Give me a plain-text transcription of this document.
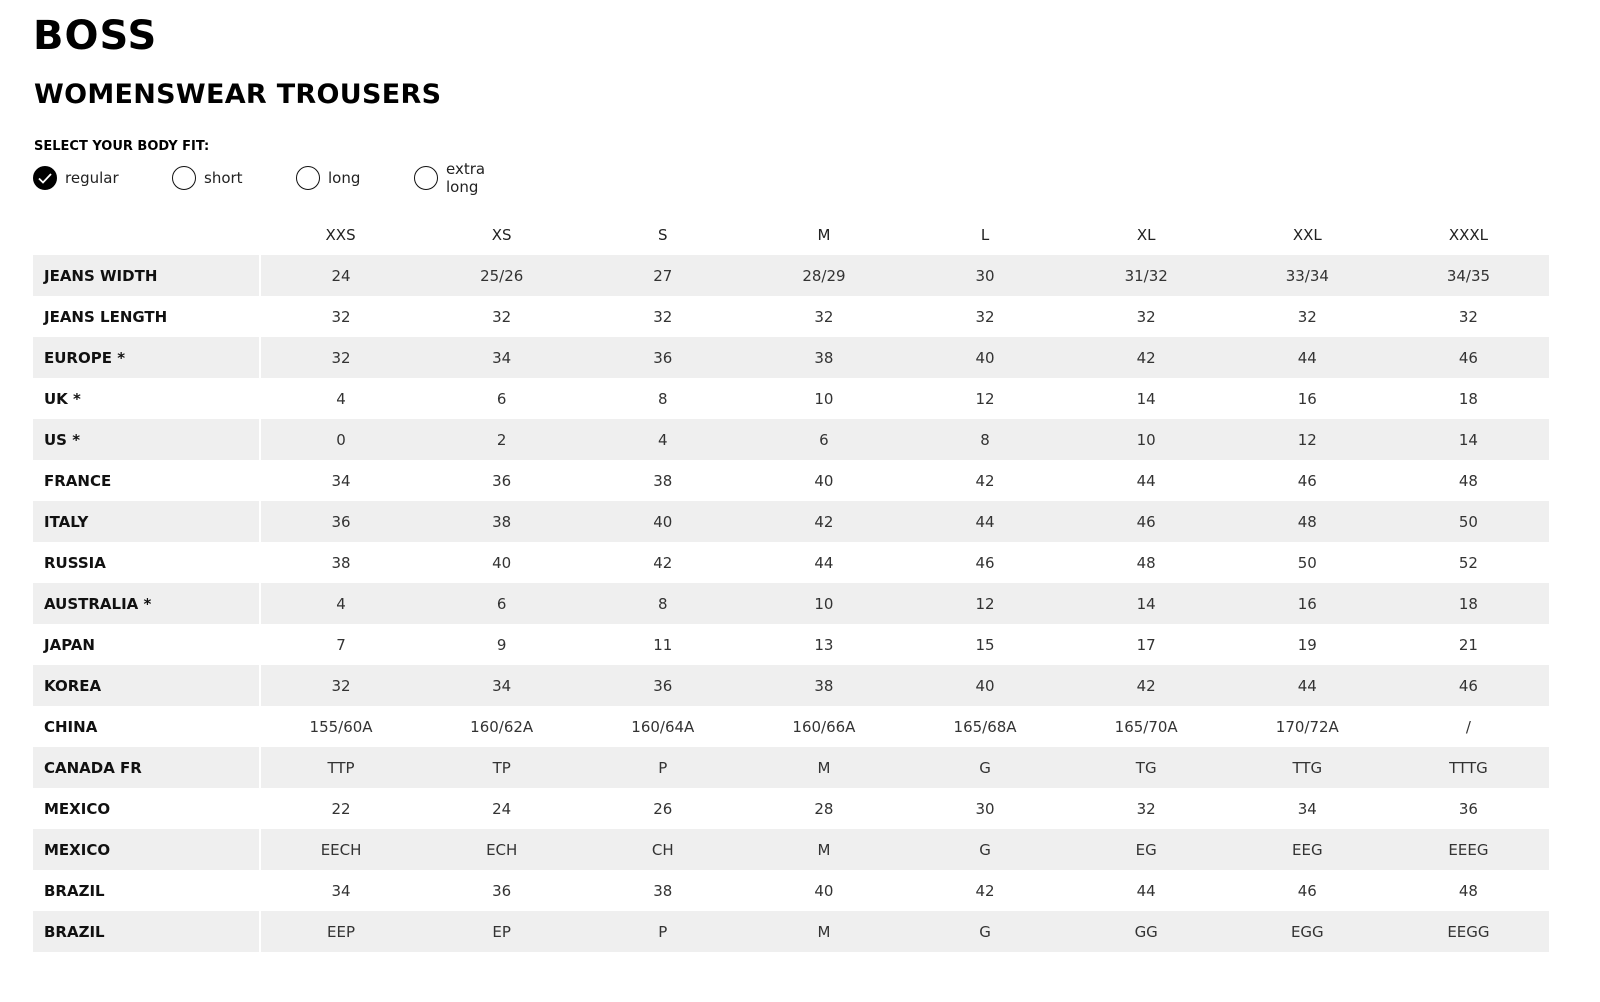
BOSS
WOMENSWEAR TROUSERS
SELECT YOUR BODY FIT:
regular	short	long	extra long
	XXS	XS	S	M	L	XL	XXL	XXXL
JEANS WIDTH	24	25/26	27	28/29	30	31/32	33/34	34/35
JEANS LENGTH	32	32	32	32	32	32	32	32
EUROPE *	32	34	36	38	40	42	44	46
UK *	4	6	8	10	12	14	16	18
US *	0	2	4	6	8	10	12	14
FRANCE	34	36	38	40	42	44	46	48
ITALY	36	38	40	42	44	46	48	50
RUSSIA	38	40	42	44	46	48	50	52
AUSTRALIA *	4	6	8	10	12	14	16	18
JAPAN	7	9	11	13	15	17	19	21
KOREA	32	34	36	38	40	42	44	46
CHINA	155/60A	160/62A	160/64A	160/66A	165/68A	165/70A	170/72A	/
CANADA FR	TTP	TP	P	M	G	TG	TTG	TTTG
MEXICO	22	24	26	28	30	32	34	36
MEXICO	EECH	ECH	CH	M	G	EG	EEG	EEEG
BRAZIL	34	36	38	40	42	44	46	48
BRAZIL	EEP	EP	P	M	G	GG	EGG	EEGG
